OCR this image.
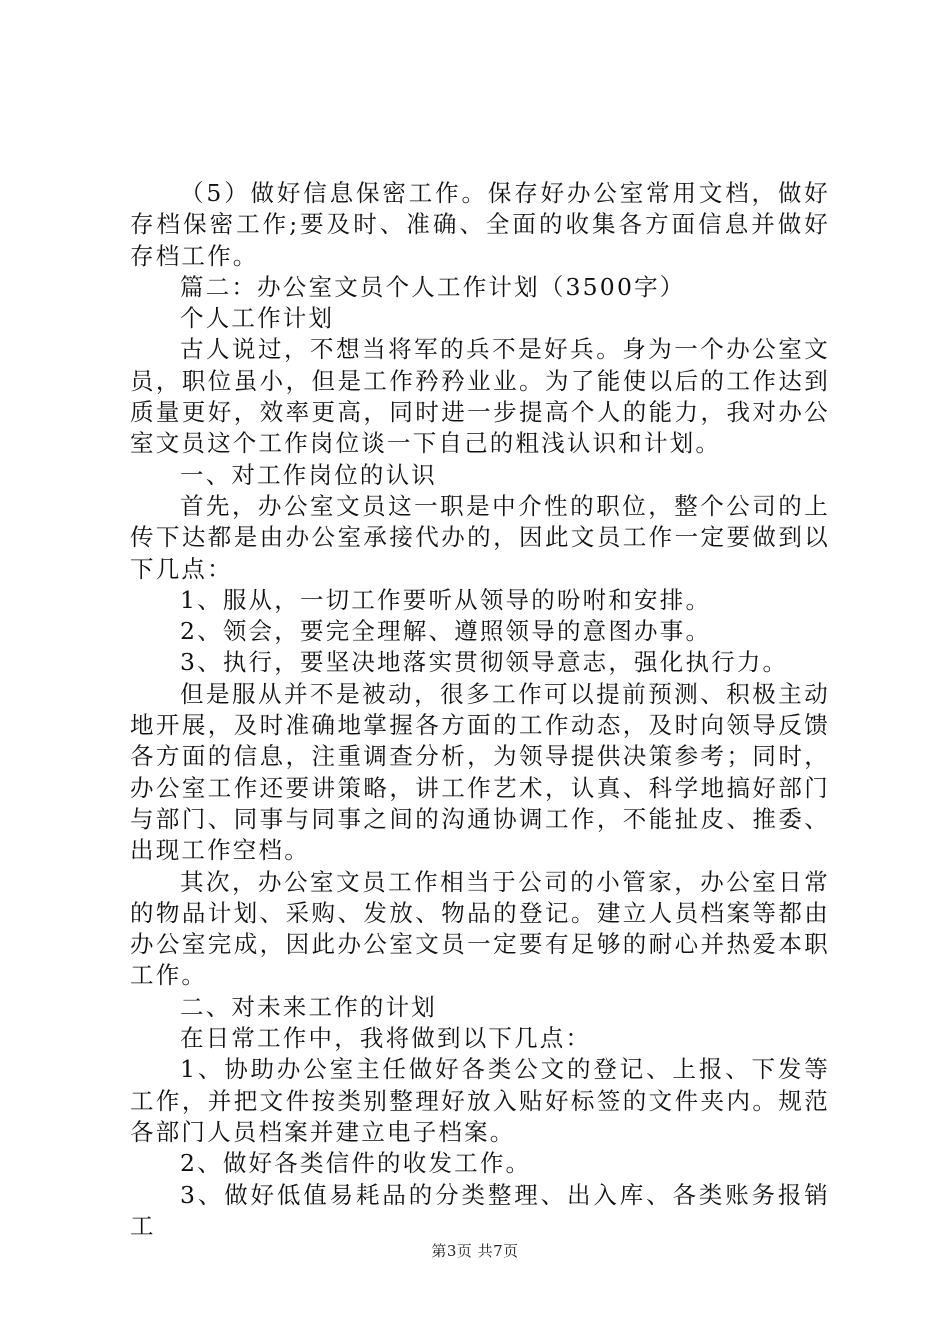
（5）做好信息保密工作。保存好办公室常用文档，做好存档保密工作;要及时、准确、全面的收集各方面信息并做好存档工作。

篇二：办公室文员个人工作计划（3500字）

个人工作计划

古人说过，不想当将军的兵不是好兵。身为一个办公室文员，职位虽小，但是工作矜矜业业。为了能使以后的工作达到质量更好，效率更高，同时进一步提高个人的能力，我对办公室文员这个工作岗位谈一下自己的粗浅认识和计划。

一、对工作岗位的认识

首先，办公室文员这一职是中介性的职位，整个公司的上传下达都是由办公室承接代办的，因此文员工作一定要做到以下几点：

1、服从，一切工作要听从领导的吩咐和安排。

2、领会，要完全理解、遵照领导的意图办事。

3、执行，要坚决地落实贯彻领导意志，强化执行力。

但是服从并不是被动，很多工作可以提前预测、积极主动地开展，及时准确地掌握各方面的工作动态，及时向领导反馈各方面的信息，注重调查分析，为领导提供决策参考；同时，办公室工作还要讲策略，讲工作艺术，认真、科学地搞好部门与部门、同事与同事之间的沟通协调工作，不能扯皮、推委、出现工作空档。

其次，办公室文员工作相当于公司的小管家，办公室日常的物品计划、采购、发放、物品的登记。建立人员档案等都由办公室完成，因此办公室文员一定要有足够的耐心并热爱本职工作。

二、对未来工作的计划

在日常工作中，我将做到以下几点：

1、协助办公室主任做好各类公文的登记、上报、下发等工作，并把文件按类别整理好放入贴好标签的文件夹内。规范各部门人员档案并建立电子档案。

2、做好各类信件的收发工作。

3、做好低值易耗品的分类整理、出入库、各类账务报销工

第3页 共7页
